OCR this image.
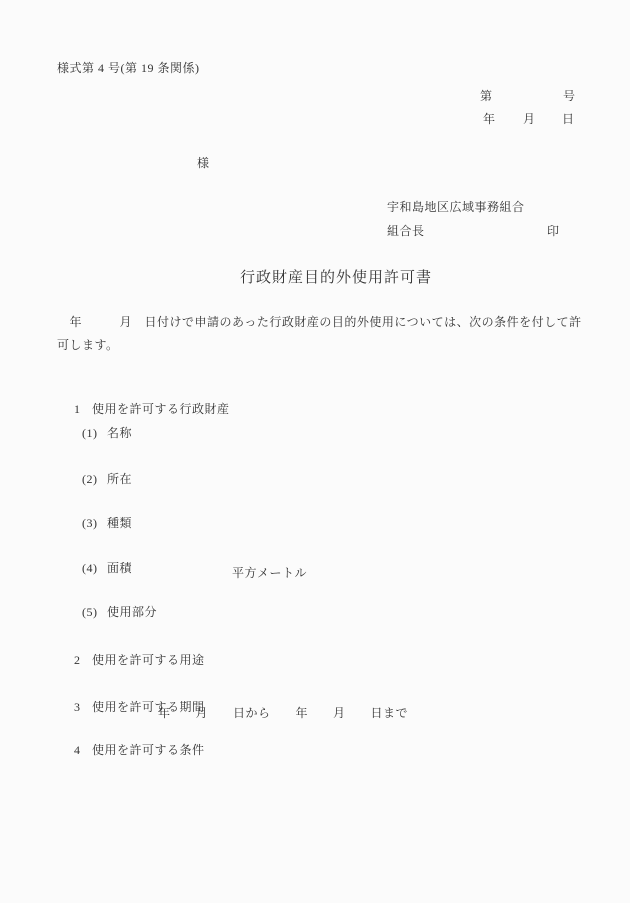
様式第 4 号(第 19 条関係)
第	号
年 月 日
様
宇和島地区広域事務組合
組合長	印
行政財産目的外使用許可書
　年　　　月　日付けで申請のあった行政財産の目的外使用については、次の条件を付して許
可します。

1 使用を許可する行政財産

(1) 名称

(2) 所在

(3) 種類

(4) 面積
	平方メートル

(5) 使用部分

2 使用を許可する用途

3 使用を許可する期間

年　　月　　日から　　年　　月　　日まで

4 使用を許可する条件
